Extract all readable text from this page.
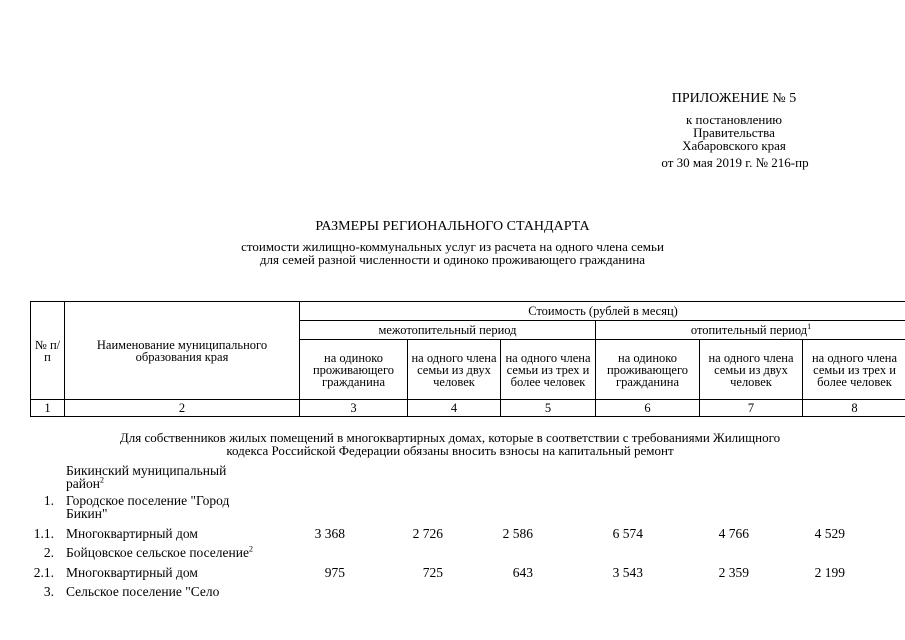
ПРИЛОЖЕНИЕ № 5
к постановлению
Правительства
Хабаровского края
от 30 мая 2019 г. № 216-пр
РАЗМЕРЫ РЕГИОНАЛЬНОГО СТАНДАРТА
стоимости жилищно-коммунальных услуг из расчета на одного члена семьи
для семей разной численности и одиноко проживающего гражданина
№ п/п	Наименование муниципального образования края	Стоимость (рублей в месяц)					
		межотопительный период			отопительный период$^1$
		на одиноко проживающего гражданина	на одного члена семьи из двух человек	на одного члена семьи из трех и более человек	на одиноко проживающего гражданина	на одного члена семьи из двух человек	на одного члена семьи из трех и более человек
1	2	3	4	5	6	7	8
Для собственников жилых помещений в многоквартирных домах, которые в соответствии с требованиями Жилищного кодекса Российской Федерации обязаны вносить взносы на капитальный ремонт
Бикинский муниципальный район$^2$
1. Городское поселение "Город Бикин"
1.1. Многоквартирный дом	3 368	2 726	2 586	6 574	4 766	4 529
2. Бойцовское сельское поселение$^2$
2.1. Многоквартирный дом	975	725	643	3 543	2 359	2 199
3. Сельское поселение "Село
